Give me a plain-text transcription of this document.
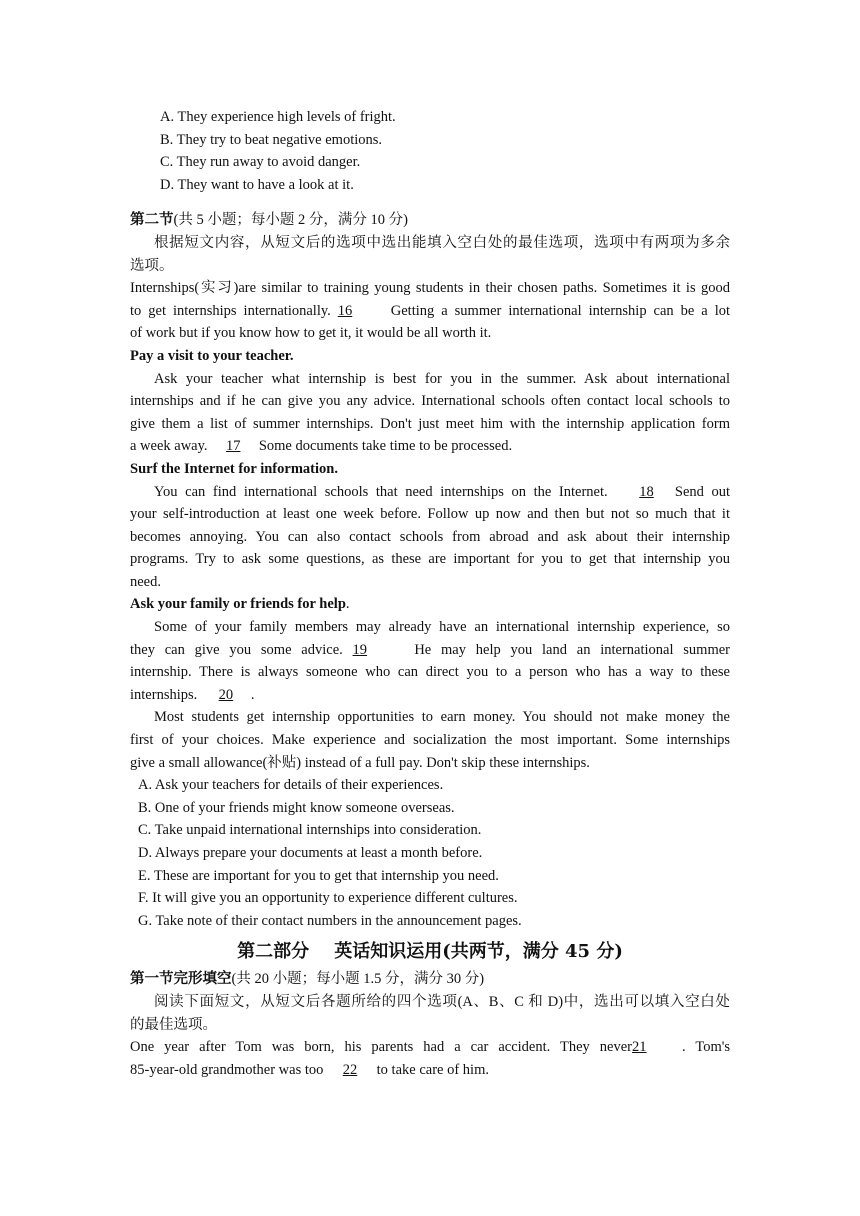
A. They experience high levels of fright.
B. They try to beat negative emotions.
C. They run away to avoid danger.
D. They want to have a look at it.
第二节(共 5 小题；每小题 2 分，满分 10 分)
根据短文内容，从短文后的选项中选出能填入空白处的最佳选项，选项中有两项为多余
选项。
Internships(实习)are similar to training young students in their chosen paths. Sometimes it is good
to get internships internationally. 16	Getting a summer international internship can be a lot
of work but if you know how to get it, it would be all worth it.
Pay a visit to your teacher.
Ask your teacher what internship is best for you in the summer. Ask about international
internships and if he can give you any advice. International schools often contact local schools to
give them a list of summer internships. Don't just meet him with the internship application form
a week away. 17 Some documents take time to be processed.
Surf the Internet for information.
You can find international schools that need internships on the Internet. 18 Send out
your self-introduction at least one week before. Follow up now and then but not so much that it
becomes annoying. You can also contact schools from abroad and ask about their internship
programs. Try to ask some questions, as these are important for you to get that internship you
need.
Ask your family or friends for help.
Some of your family members may already have an international internship experience, so
they can give you some advice. 19	He may help you land an international summer
internship. There is always someone who can direct you to a person who has a way to these
internships. 20 .
Most students get internship opportunities to earn money. You should not make money the
first of your choices. Make experience and socialization the most important. Some internships
give a small allowance(补贴) instead of a full pay. Don't skip these internships.
A. Ask your teachers for details of their experiences.
B. One of your friends might know someone overseas.
C. Take unpaid international internships into consideration.
D. Always prepare your documents at least a month before.
E. These are important for you to get that internship you need.
F. It will give you an opportunity to experience different cultures.
G. Take note of their contact numbers in the announcement pages.
第二部分    英话知识运用(共两节，满分 45 分)
第一节完形填空(共 20 小题；每小题 1.5 分，满分 30 分)
阅读下面短文，从短文后各题所给的四个选项(A、B、C 和 D)中，选出可以填入空白处
的最佳选项。
One year after Tom was born, his parents had a car accident. They never21 . Tom's
85-year-old grandmother was too 22 to take care of him.
